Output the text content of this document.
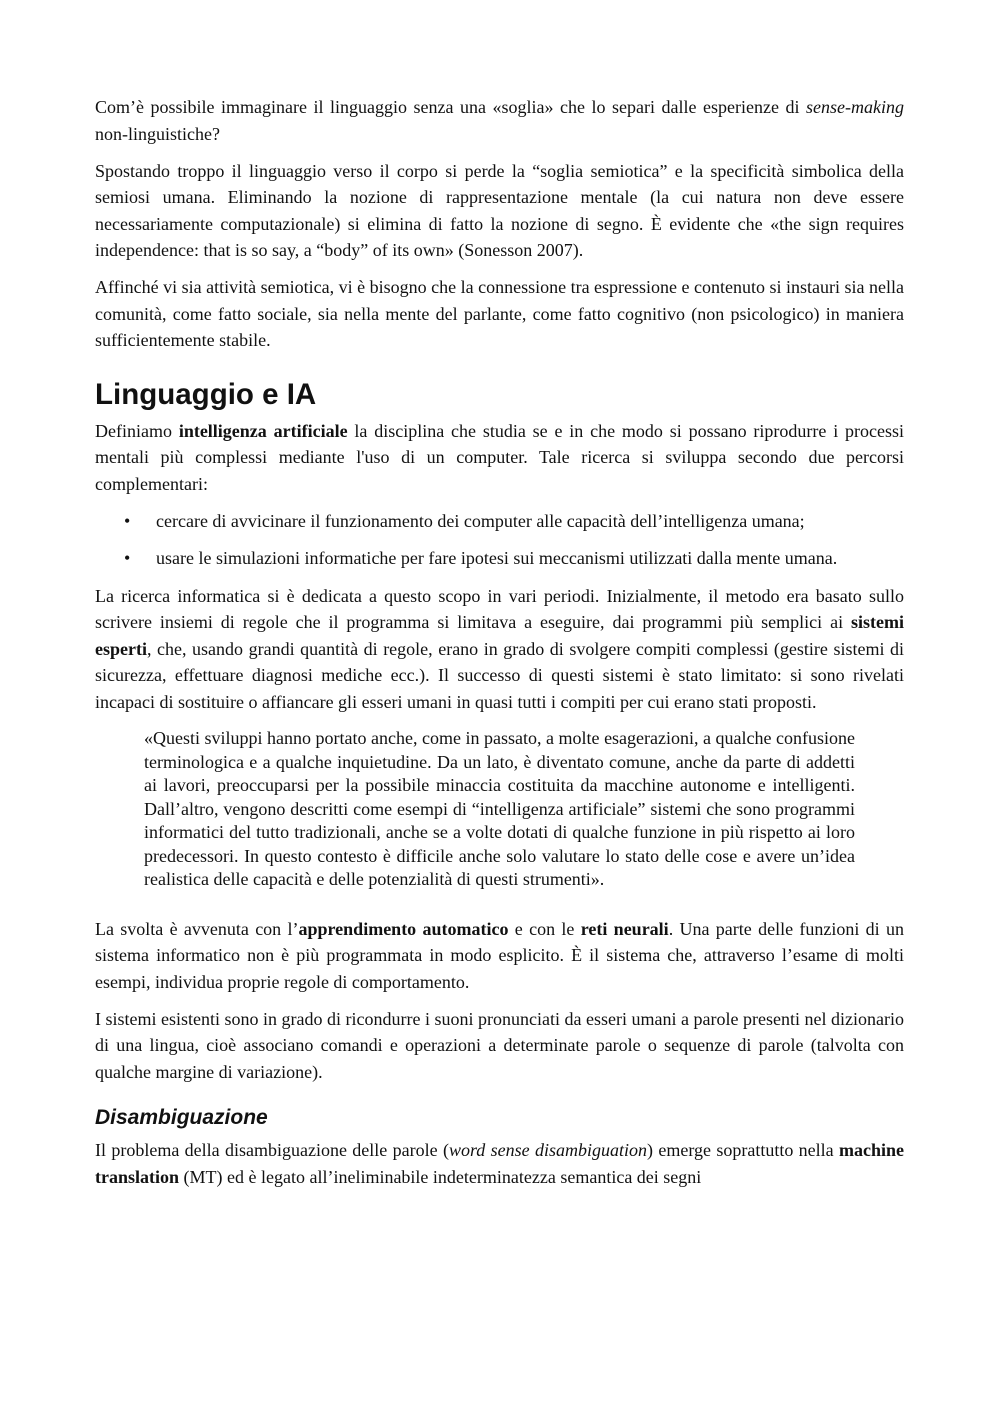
Com’è possibile immaginare il linguaggio senza una «soglia» che lo separi dalle esperienze di sense-making non-linguistiche?

Spostando troppo il linguaggio verso il corpo si perde la “soglia semiotica” e la specificità simbolica della semiosi umana. Eliminando la nozione di rappresentazione mentale (la cui natura non deve essere necessariamente computazionale) si elimina di fatto la nozione di segno. È evidente che «the sign requires independence: that is so say, a “body” of its own» (Sonesson 2007).

Affinché vi sia attività semiotica, vi è bisogno che la connessione tra espressione e contenuto si instauri sia nella comunità, come fatto sociale, sia nella mente del parlante, come fatto cognitivo (non psicologico) in maniera sufficientemente stabile.

Linguaggio e IA

Definiamo intelligenza artificiale la disciplina che studia se e in che modo si possano riprodurre i processi mentali più complessi mediante l'uso di un computer. Tale ricerca si sviluppa secondo due percorsi complementari:

• cercare di avvicinare il funzionamento dei computer alle capacità dell’intelligenza umana;
• usare le simulazioni informatiche per fare ipotesi sui meccanismi utilizzati dalla mente umana.

La ricerca informatica si è dedicata a questo scopo in vari periodi. Inizialmente, il metodo era basato sullo scrivere insiemi di regole che il programma si limitava a eseguire, dai programmi più semplici ai sistemi esperti, che, usando grandi quantità di regole, erano in grado di svolgere compiti complessi (gestire sistemi di sicurezza, effettuare diagnosi mediche ecc.). Il successo di questi sistemi è stato limitato: si sono rivelati incapaci di sostituire o affiancare gli esseri umani in quasi tutti i compiti per cui erano stati proposti.

«Questi sviluppi hanno portato anche, come in passato, a molte esagerazioni, a qualche confusione terminologica e a qualche inquietudine. Da un lato, è diventato comune, anche da parte di addetti ai lavori, preoccuparsi per la possibile minaccia costituita da macchine autonome e intelligenti. Dall’altro, vengono descritti come esempi di “intelligenza artificiale” sistemi che sono programmi informatici del tutto tradizionali, anche se a volte dotati di qualche funzione in più rispetto ai loro predecessori. In questo contesto è difficile anche solo valutare lo stato delle cose e avere un’idea realistica delle capacità e delle potenzialità di questi strumenti».

La svolta è avvenuta con l’apprendimento automatico e con le reti neurali. Una parte delle funzioni di un sistema informatico non è più programmata in modo esplicito. È il sistema che, attraverso l’esame di molti esempi, individua proprie regole di comportamento.

I sistemi esistenti sono in grado di ricondurre i suoni pronunciati da esseri umani a parole presenti nel dizionario di una lingua, cioè associano comandi e operazioni a determinate parole o sequenze di parole (talvolta con qualche margine di variazione).

Disambiguazione

Il problema della disambiguazione delle parole (word sense disambiguation) emerge soprattutto nella machine translation (MT) ed è legato all’ineliminabile indeterminatezza semantica dei segni
